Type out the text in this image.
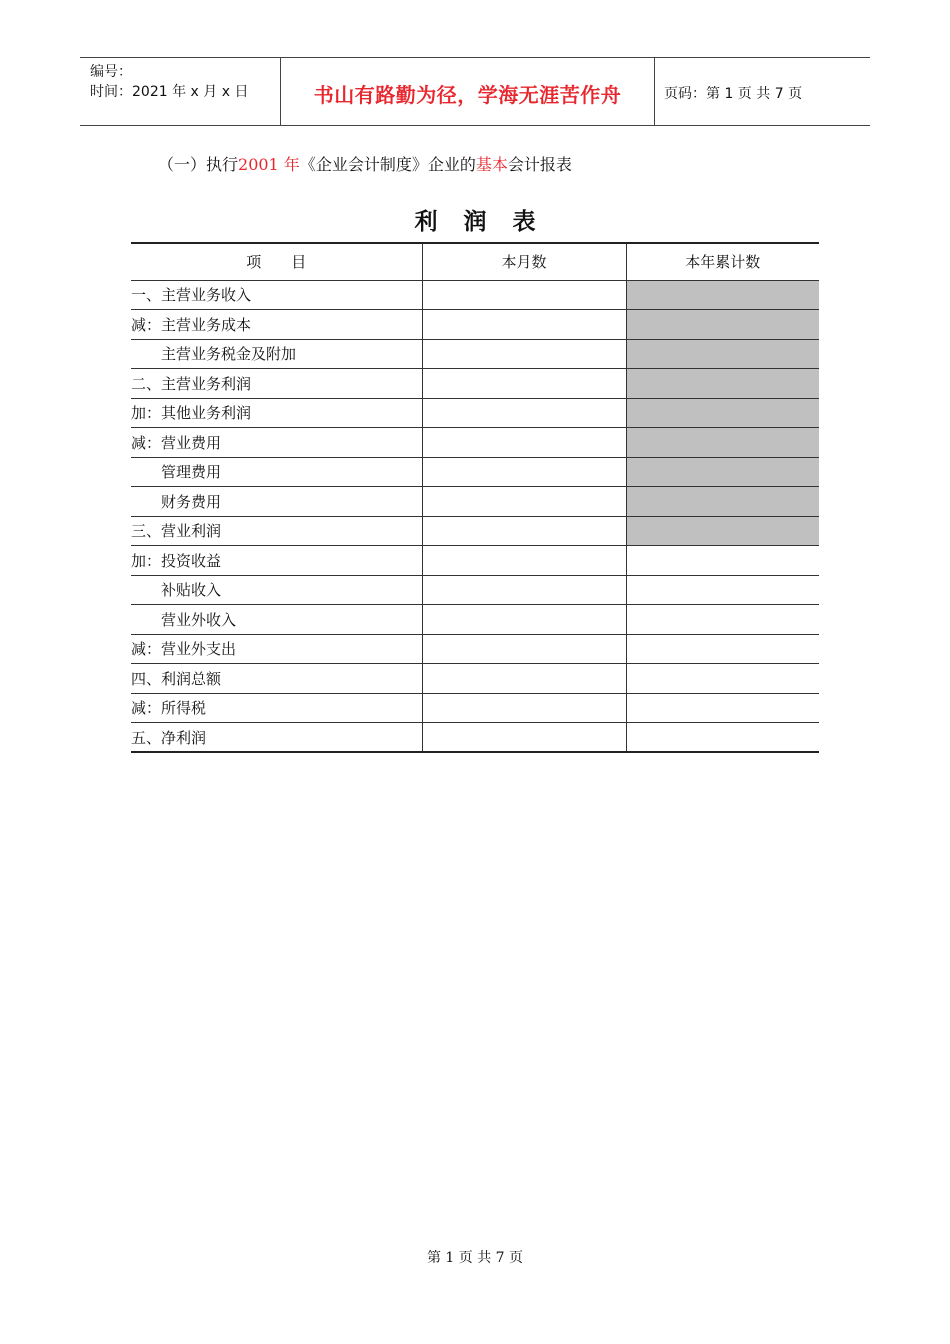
编号：
时间：2021 年 x 月 x 日	书山有路勤为径，学海无涯苦作舟	页码：第 1 页 共 7 页
（一）执行2001 年《企业会计制度》企业的基本会计报表
利 润 表
项　　目	本月数	本年累计数
一、主营业务收入		
减：主营业务成本		
　　主营业务税金及附加		
二、主营业务利润		
加：其他业务利润		
减：营业费用		
　　管理费用		
　　财务费用		
三、营业利润		
加：投资收益		
　　补贴收入		
　　营业外收入		
减：营业外支出		
四、利润总额		
减：所得税		
五、净利润		
第 1 页 共 7 页
